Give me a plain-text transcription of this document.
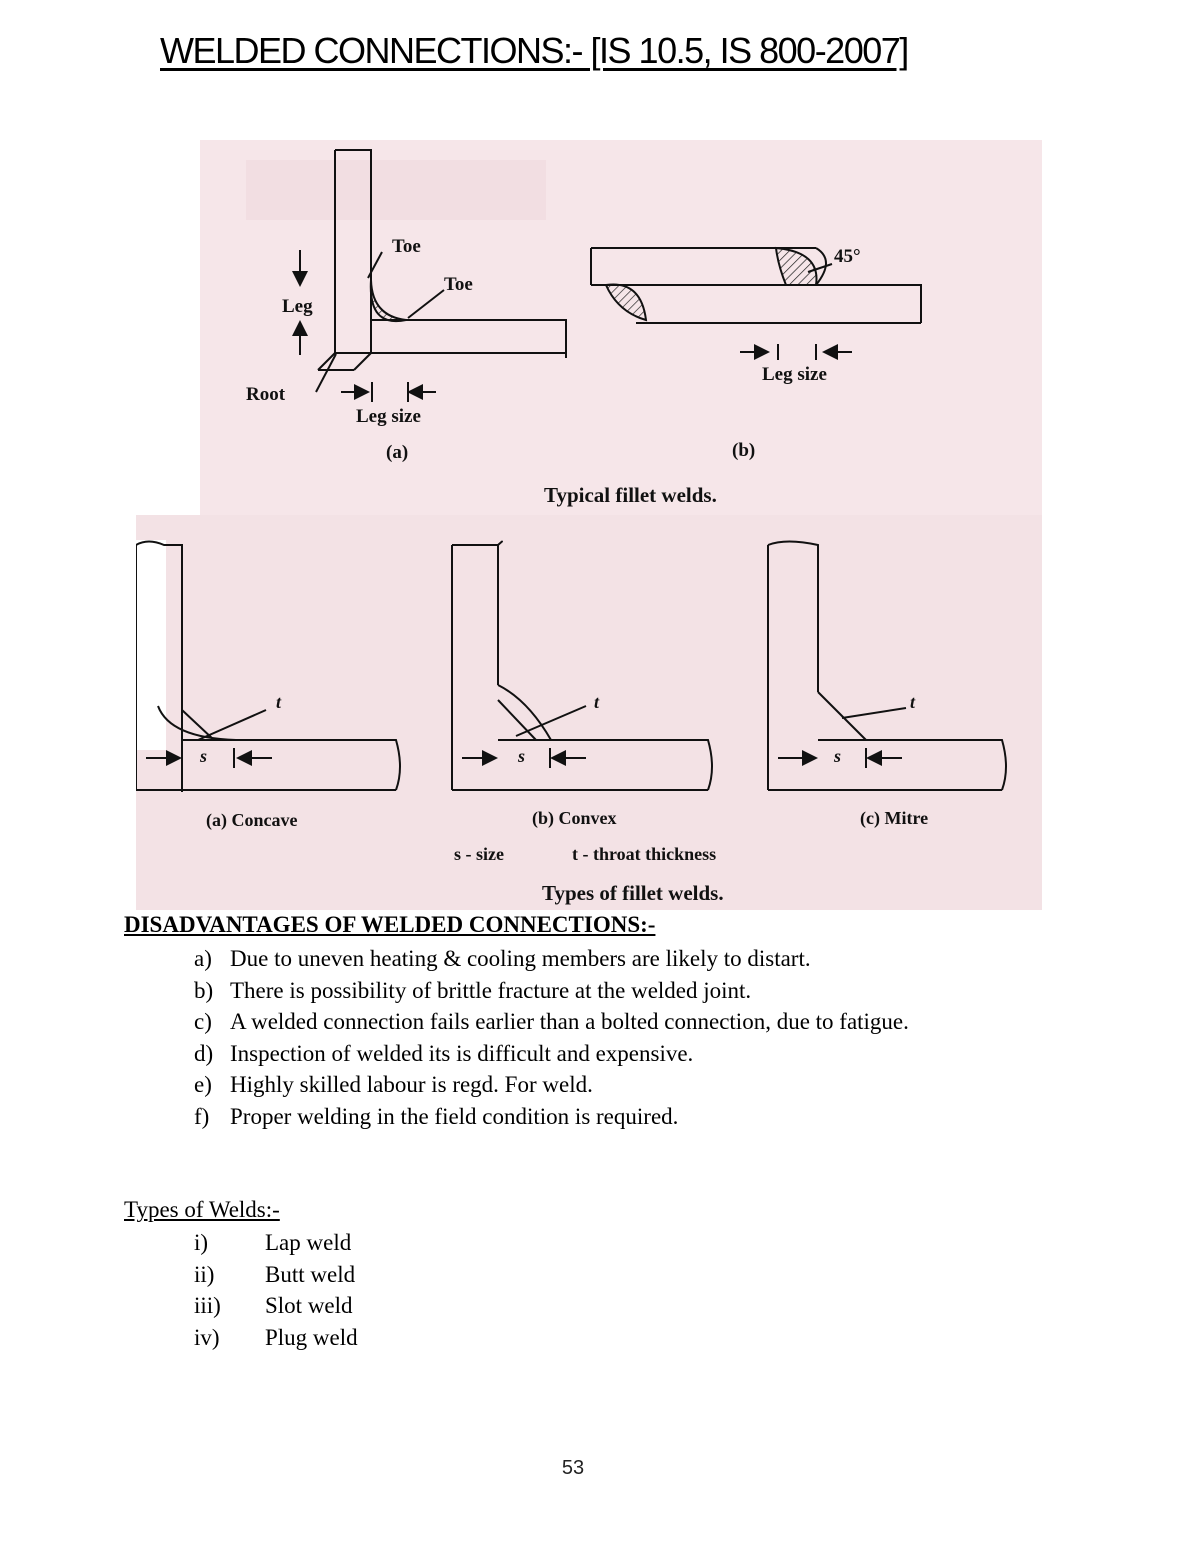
WELDED CONNECTIONS:- [IS 10.5, IS 800-2007]
Toe
Toe
Leg
Root
Leg size
(a)
45°
Leg size
(b)
Typical fillet welds.
t	t	t
s	s	s
(a) Concave	(b) Convex	(c) Mitre
s - size	t - throat thickness
Types of fillet welds.
DISADVANTAGES OF WELDED CONNECTIONS:-
a) Due to uneven heating & cooling members are likely to distart.
b) There is possibility of brittle fracture at the welded joint.
c) A welded connection fails earlier than a bolted connection, due to fatigue.
d) Inspection of welded its is difficult and expensive.
e) Highly skilled labour is regd. For weld.
f) Proper welding in the field condition is required.
Types of Welds:-
i)	Lap weld
ii)	Butt weld
iii)	Slot weld
iv)	Plug weld
53
